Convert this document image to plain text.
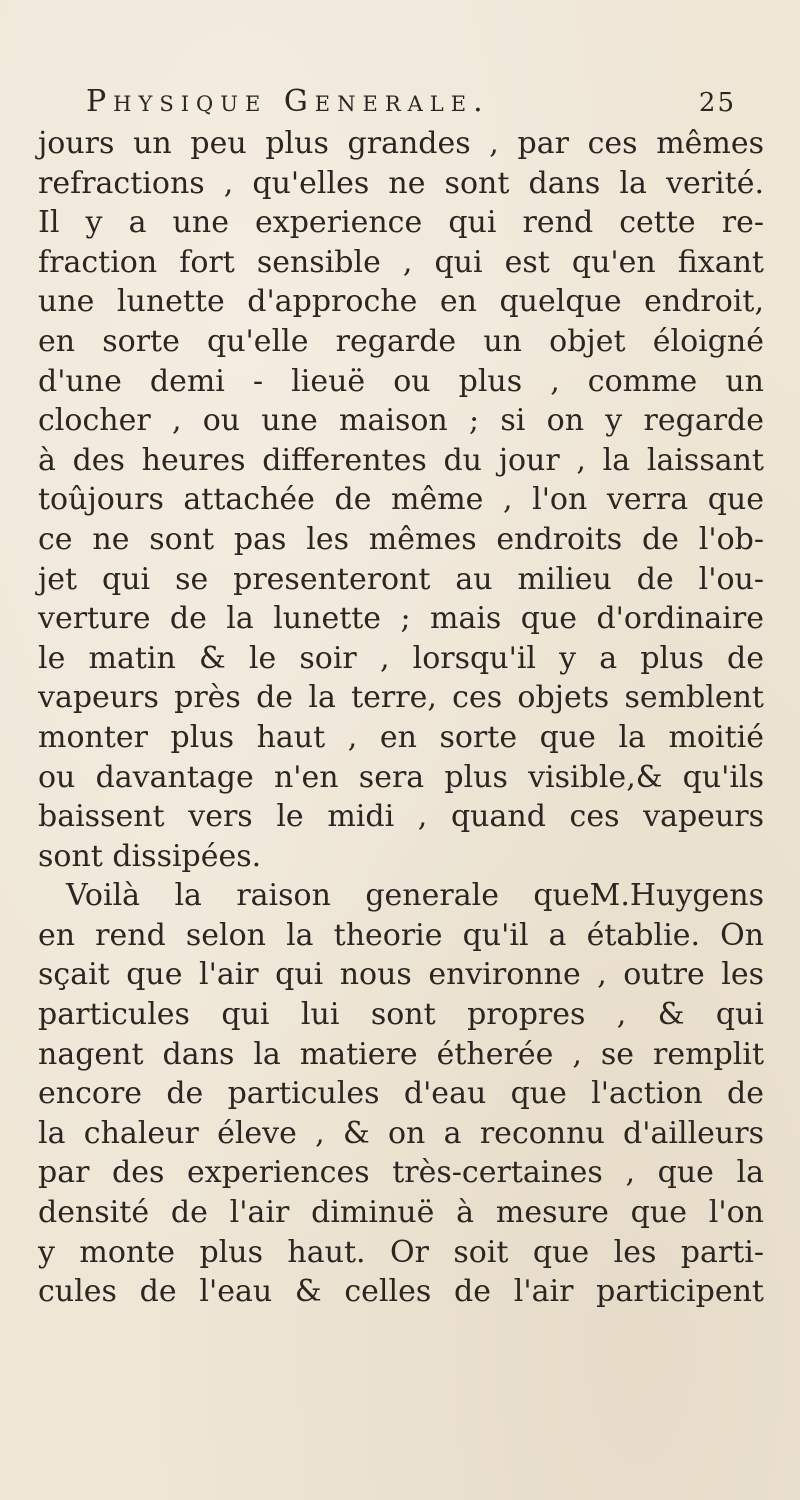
Physique Generale.	25
jours un peu plus grandes , par ces mêmes
refractions , qu'elles ne sont dans la verité.
Il y a une experience qui rend cette re-
fraction fort sensible , qui est qu'en fixant
une lunette d'approche en quelque endroit,
en sorte qu'elle regarde un objet éloigné
d'une demi - lieuë ou plus , comme un
clocher , ou une maison ; si on y regarde
à des heures differentes du jour , la laissant
toûjours attachée de même , l'on verra que
ce ne sont pas les mêmes endroits de l'ob-
jet qui se presenteront au milieu de l'ou-
verture de la lunette ; mais que d'ordinaire
le matin & le soir , lorsqu'il y a plus de
vapeurs près de la terre, ces objets semblent
monter plus haut , en sorte que la moitié
ou davantage n'en sera plus visible,& qu'ils
baissent vers le midi , quand ces vapeurs
sont dissipées.
Voilà la raison generale queM.Huygens
en rend selon la theorie qu'il a établie. On
sçait que l'air qui nous environne , outre les
particules qui lui sont propres , & qui
nagent dans la matiere étherée , se remplit
encore de particules d'eau que l'action de
la chaleur éleve , & on a reconnu d'ailleurs
par des experiences très-certaines , que la
densité de l'air diminuë à mesure que l'on
y monte plus haut. Or soit que les parti-
cules de l'eau & celles de l'air participent
